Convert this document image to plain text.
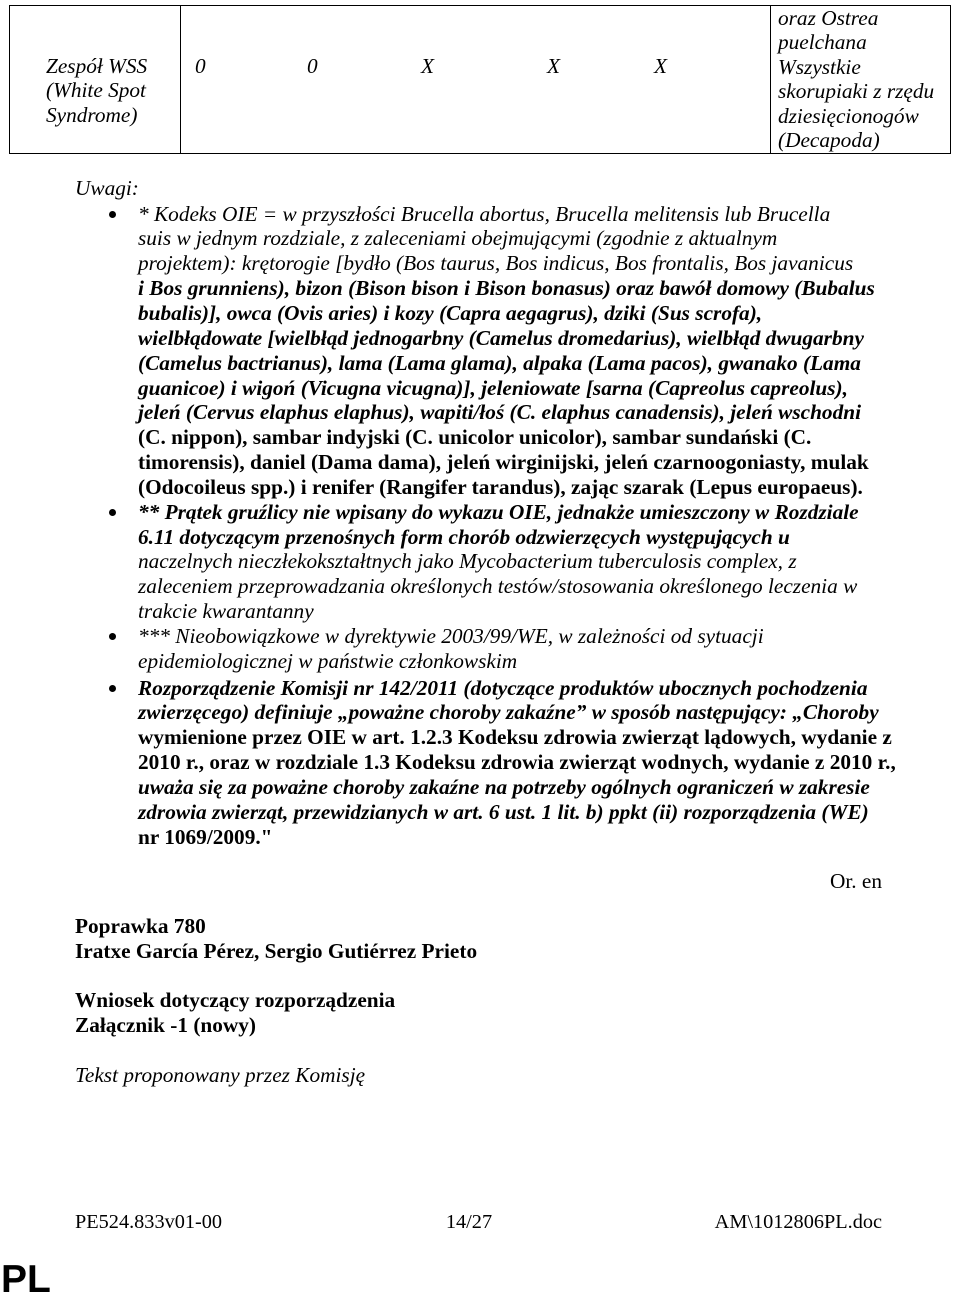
Zespół WSS
(White Spot
Syndrome)

0	0	X	X	X

oraz Ostrea
puelchana
Wszystkie
skorupiaki z rzędu
dziesięcionogów
(Decapoda)
Uwagi:
* Kodeks OIE = w przyszłości Brucella abortus, Brucella melitensis lub Brucella
suis w jednym rozdziale, z zaleceniami obejmującymi (zgodnie z aktualnym
projektem): krętorogie [bydło (Bos taurus, Bos indicus, Bos frontalis, Bos javanicus
i Bos grunniens), bizon (Bison bison i Bison bonasus) oraz bawół domowy (Bubalus
bubalis)], owca (Ovis aries) i kozy (Capra aegagrus), dziki (Sus scrofa),
wielbłądowate [wielbłąd jednogarbny (Camelus dromedarius), wielbłąd dwugarbny
(Camelus bactrianus), lama (Lama glama), alpaka (Lama pacos), gwanako (Lama
guanicoe) i wigoń (Vicugna vicugna)], jeleniowate [sarna (Capreolus capreolus),
jeleń (Cervus elaphus elaphus), wapiti/łoś (C. elaphus canadensis), jeleń wschodni
(C. nippon), sambar indyjski (C. unicolor unicolor), sambar sundański (C.
timorensis), daniel (Dama dama), jeleń wirginijski, jeleń czarnoogoniasty, mulak
(Odocoileus spp.) i renifer (Rangifer tarandus), zając szarak (Lepus europaeus).
** Prątek gruźlicy nie wpisany do wykazu OIE, jednakże umieszczony w Rozdziale
6.11 dotyczącym przenośnych form chorób odzwierzęcych występujących u
naczelnych nieczłekokształtnych jako Mycobacterium tuberculosis complex, z
zaleceniem przeprowadzania określonych testów/stosowania określonego leczenia w
trakcie kwarantanny
*** Nieobowiązkowe w dyrektywie 2003/99/WE, w zależności od sytuacji
epidemiologicznej w państwie członkowskim
Rozporządzenie Komisji nr 142/2011 (dotyczące produktów ubocznych pochodzenia
zwierzęcego) definiuje „poważne choroby zakaźne” w sposób następujący: „Choroby
wymienione przez OIE w art. 1.2.3 Kodeksu zdrowia zwierząt lądowych, wydanie z
2010 r., oraz w rozdziale 1.3 Kodeksu zdrowia zwierząt wodnych, wydanie z 2010 r.,
uważa się za poważne choroby zakaźne na potrzeby ogólnych ograniczeń w zakresie
zdrowia zwierząt, przewidzianych w art. 6 ust. 1 lit. b) ppkt (ii) rozporządzenia (WE)
nr 1069/2009."
Or. en
Poprawka 780
Iratxe García Pérez, Sergio Gutiérrez Prieto
Wniosek dotyczący rozporządzenia
Załącznik -1 (nowy)
Tekst proponowany przez Komisję
PE524.833v01-00	14/27	AM\1012806PL.doc
PL
